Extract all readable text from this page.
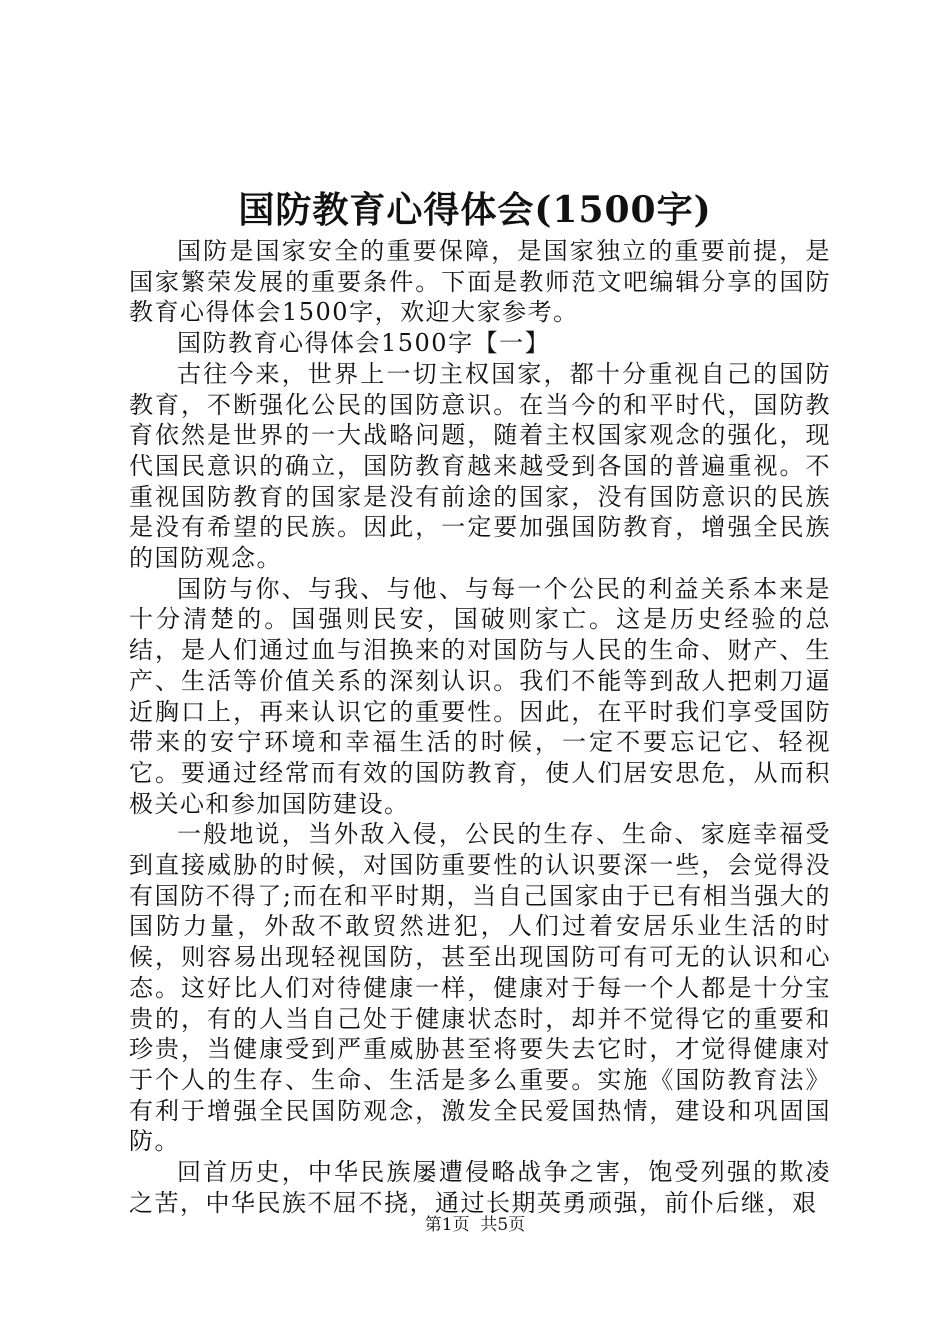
国防教育心得体会(1500字)

国防是国家安全的重要保障，是国家独立的重要前提，是国家繁荣发展的重要条件。下面是教师范文吧编辑分享的国防教育心得体会1500字，欢迎大家参考。

国防教育心得体会1500字【一】

古往今来，世界上一切主权国家，都十分重视自己的国防教育，不断强化公民的国防意识。在当今的和平时代，国防教育依然是世界的一大战略问题，随着主权国家观念的强化，现代国民意识的确立，国防教育越来越受到各国的普遍重视。不重视国防教育的国家是没有前途的国家，没有国防意识的民族是没有希望的民族。因此，一定要加强国防教育，增强全民族的国防观念。

国防与你、与我、与他、与每一个公民的利益关系本来是十分清楚的。国强则民安，国破则家亡。这是历史经验的总结，是人们通过血与泪换来的对国防与人民的生命、财产、生产、生活等价值关系的深刻认识。我们不能等到敌人把刺刀逼近胸口上，再来认识它的重要性。因此，在平时我们享受国防带来的安宁环境和幸福生活的时候，一定不要忘记它、轻视它。要通过经常而有效的国防教育，使人们居安思危，从而积极关心和参加国防建设。

一般地说，当外敌入侵，公民的生存、生命、家庭幸福受到直接威胁的时候，对国防重要性的认识要深一些，会觉得没有国防不得了;而在和平时期，当自己国家由于已有相当强大的国防力量，外敌不敢贸然进犯，人们过着安居乐业生活的时候，则容易出现轻视国防，甚至出现国防可有可无的认识和心态。这好比人们对待健康一样，健康对于每一个人都是十分宝贵的，有的人当自己处于健康状态时，却并不觉得它的重要和珍贵，当健康受到严重威胁甚至将要失去它时，才觉得健康对于个人的生存、生命、生活是多么重要。实施《国防教育法》有利于增强全民国防观念，激发全民爱国热情，建设和巩固国防。

回首历史，中华民族屡遭侵略战争之害，饱受列强的欺凌之苦，中华民族不屈不挠，通过长期英勇顽强，前仆后继，艰

第1页 共5页
